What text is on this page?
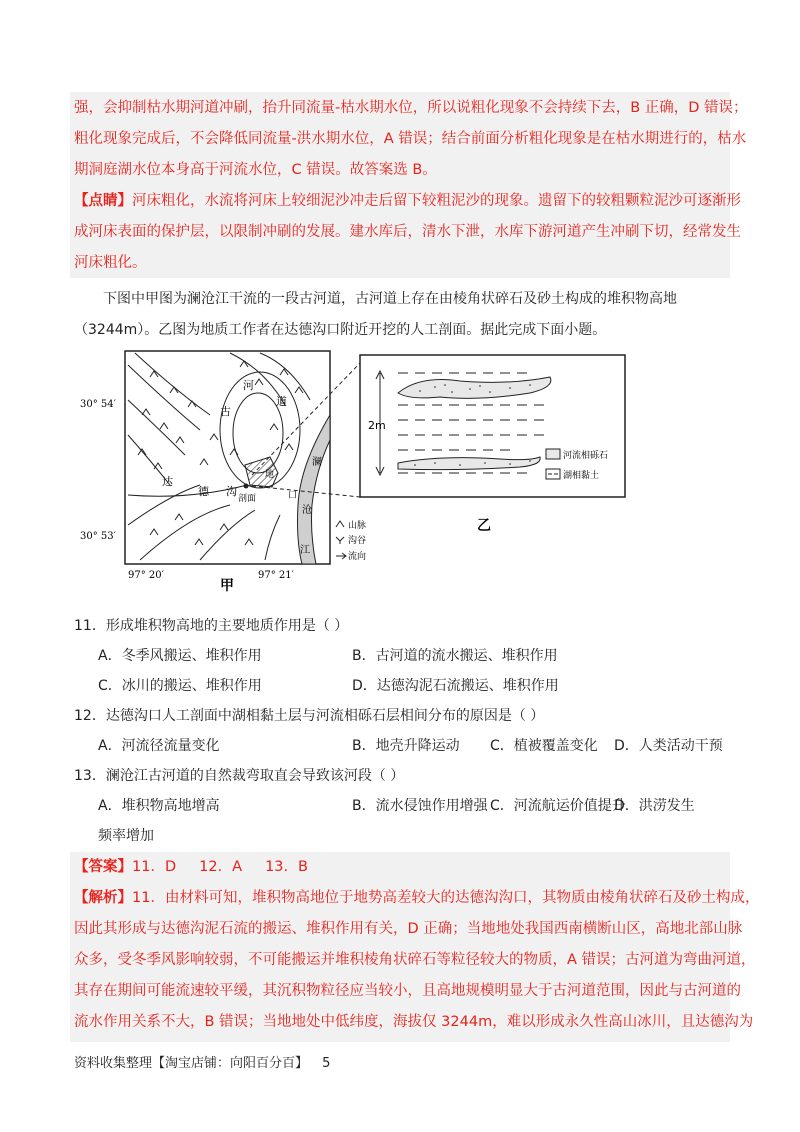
强，会抑制枯水期河道冲刷，抬升同流量-枯水期水位，所以说粗化现象不会持续下去，B 正确，D 错误；
粗化现象完成后，不会降低同流量-洪水期水位，A 错误；结合前面分析粗化现象是在枯水期进行的，枯水
期洞庭湖水位本身高于河流水位，C 错误。故答案选 B。
【点睛】河床粗化，水流将河床上较细泥沙冲走后留下较粗泥沙的现象。遗留下的较粗颗粒泥沙可逐渐形
成河床表面的保护层，以限制冲刷的发展。建水库后，清水下泄，水库下游河道产生冲刷下切，经常发生
河床粗化。
下图中甲图为澜沧江干流的一段古河道，古河道上存在由棱角状碎石及砂土构成的堆积物高地
（3244m）。乙图为地质工作者在达德沟口附近开挖的人工剖面。据此完成下面小题。
30° 54′
30° 53′
97° 20′	97° 21′
甲
河
道
古
地
达
德 沟
剖面	口
澜
沧
江
山脉
沟谷
流向
乙
2m
河流相砾石
湖相黏土
11．形成堆积物高地的主要地质作用是（ ）
A．冬季风搬运、堆积作用	B．古河道的流水搬运、堆积作用
C．冰川的搬运、堆积作用	D．达德沟泥石流搬运、堆积作用
12．达德沟口人工剖面中湖相黏土层与河流相砾石层相间分布的原因是（ ）
A．河流径流量变化	B．地壳升降运动 C．植被覆盖变化 D．人类活动干预
13．澜沧江古河道的自然裁弯取直会导致该河段（ ）
A．堆积物高地增高	B．流水侵蚀作用增强 C．河流航运价值提升
D．洪涝发生
频率增加
【答案】11．D     12．A     13．B
【解析】11．由材料可知，堆积物高地位于地势高差较大的达德沟沟口，其物质由棱角状碎石及砂土构成，
因此其形成与达德沟泥石流的搬运、堆积作用有关，D 正确；当地地处我国西南横断山区，高地北部山脉
众多，受冬季风影响较弱，不可能搬运并堆积棱角状碎石等粒径较大的物质，A 错误；古河道为弯曲河道，
其存在期间可能流速较平缓，其沉积物粒径应当较小，且高地规模明显大于古河道范围，因此与古河道的
流水作用关系不大，B 错误；当地地处中低纬度，海拔仅 3244m，难以形成永久性高山冰川，且达德沟为
资料收集整理【淘宝店铺：向阳百分百】 5
